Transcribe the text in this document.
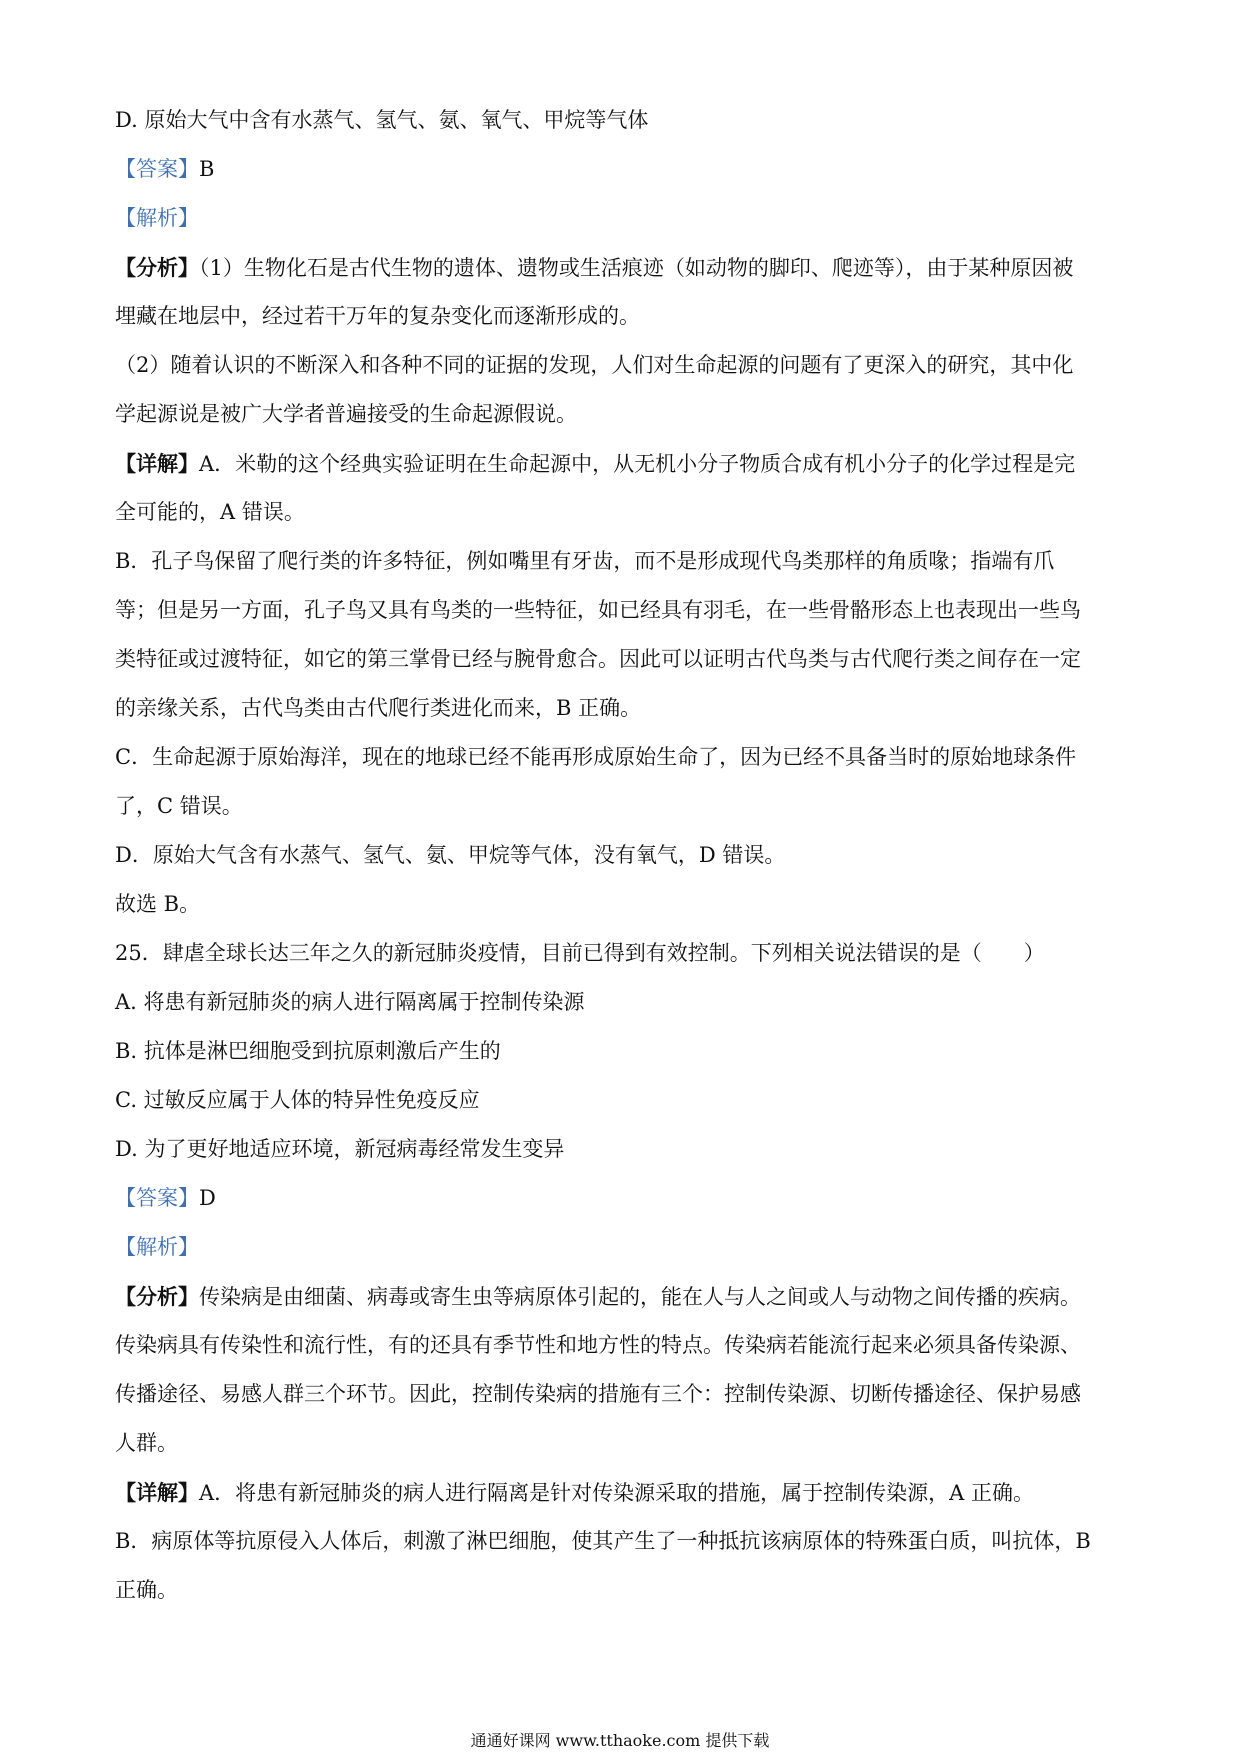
D. 原始大气中含有水蒸气、氢气、氨、氧气、甲烷等气体
【答案】B
【解析】
【分析】（1）生物化石是古代生物的遗体、遗物或生活痕迹（如动物的脚印、爬迹等），由于某种原因被
埋藏在地层中，经过若干万年的复杂变化而逐渐形成的。
（2）随着认识的不断深入和各种不同的证据的发现，人们对生命起源的问题有了更深入的研究，其中化
学起源说是被广大学者普遍接受的生命起源假说。
【详解】A．米勒的这个经典实验证明在生命起源中，从无机小分子物质合成有机小分子的化学过程是完
全可能的，A 错误。
B．孔子鸟保留了爬行类的许多特征，例如嘴里有牙齿，而不是形成现代鸟类那样的角质喙；指端有爪
等；但是另一方面，孔子鸟又具有鸟类的一些特征，如已经具有羽毛，在一些骨骼形态上也表现出一些鸟
类特征或过渡特征，如它的第三掌骨已经与腕骨愈合。因此可以证明古代鸟类与古代爬行类之间存在一定
的亲缘关系，古代鸟类由古代爬行类进化而来，B 正确。
C．生命起源于原始海洋，现在的地球已经不能再形成原始生命了，因为已经不具备当时的原始地球条件
了，C 错误。
D．原始大气含有水蒸气、氢气、氨、甲烷等气体，没有氧气，D 错误。
故选 B。
25．肆虐全球长达三年之久的新冠肺炎疫情，目前已得到有效控制。下列相关说法错误的是（　　）
A. 将患有新冠肺炎的病人进行隔离属于控制传染源
B. 抗体是淋巴细胞受到抗原刺激后产生的
C. 过敏反应属于人体的特异性免疫反应
D. 为了更好地适应环境，新冠病毒经常发生变异
【答案】D
【解析】
【分析】传染病是由细菌、病毒或寄生虫等病原体引起的，能在人与人之间或人与动物之间传播的疾病。
传染病具有传染性和流行性，有的还具有季节性和地方性的特点。传染病若能流行起来必须具备传染源、
传播途径、易感人群三个环节。因此，控制传染病的措施有三个：控制传染源、切断传播途径、保护易感
人群。
【详解】A．将患有新冠肺炎的病人进行隔离是针对传染源采取的措施，属于控制传染源，A 正确。
B．病原体等抗原侵入人体后，刺激了淋巴细胞，使其产生了一种抵抗该病原体的特殊蛋白质，叫抗体，B
正确。
通通好课网 www.tthaoke.com 提供下载
